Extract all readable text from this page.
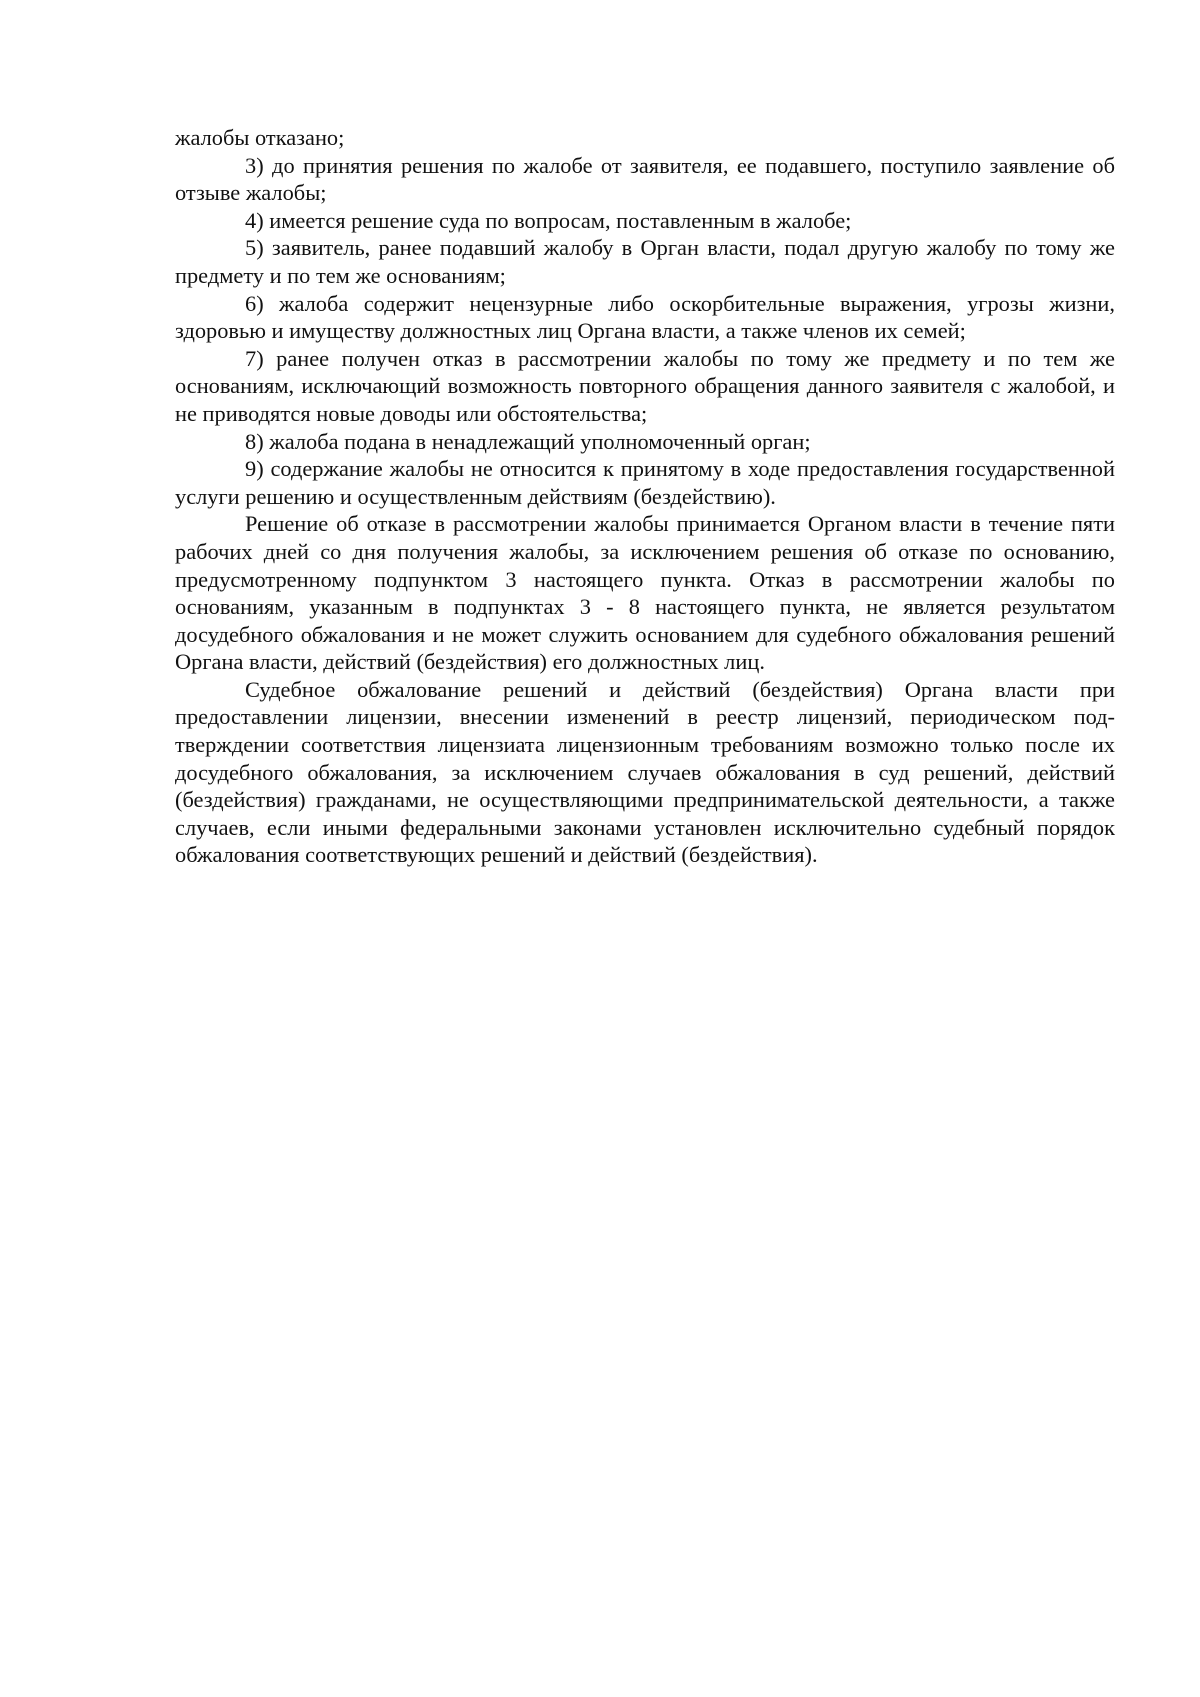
жалобы отказано;

3) до принятия решения по жалобе от заявителя, ее подавшего, поступило заявление об отзыве жалобы;

4) имеется решение суда по вопросам, поставленным в жалобе;

5) заявитель, ранее подавший жалобу в Орган власти, подал другую жалобу по тому же предмету и по тем же основаниям;

6) жалоба содержит нецензурные либо оскорбительные выражения, угрозы жизни, здоровью и имуществу должностных лиц Органа власти, а также членов их семей;

7) ранее получен отказ в рассмотрении жалобы по тому же предмету и по тем же основаниям, исключающий возможность повторного обращения данного заявителя с жалобой, и не приводятся новые доводы или обстоятельства;

8) жалоба подана в ненадлежащий уполномоченный орган;

9) содержание жалобы не относится к принятому в ходе предоставления государственной услуги решению и осуществленным действиям (бездействию).

Решение об отказе в рассмотрении жалобы принимается Органом власти в течение пяти рабочих дней со дня получения жалобы, за исключением решения об отказе по основанию, предусмотренному подпунктом 3 настоящего пункта. Отказ в рассмотрении жалобы по основаниям, указанным в подпунктах 3 - 8 настоящего пункта, не является результатом досудебного обжалования и не может служить основанием для судебного обжалования решений Органа власти, действий (бездействия) его должностных лиц.

Судебное обжалование решений и действий (бездействия) Органа власти при предоставлении лицензии, внесении изменений в реестр лицензий, периодическом подтверждении соответствия лицензиата лицензионным требованиям возможно только после их досудебного обжалования, за исключением случаев обжалования в суд решений, действий (бездействия) гражданами, не осуществляющими предпринимательской деятельности, а также случаев, если иными федеральными законами установлен исключительно судебный порядок обжалования соответствующих решений и действий (бездействия).
